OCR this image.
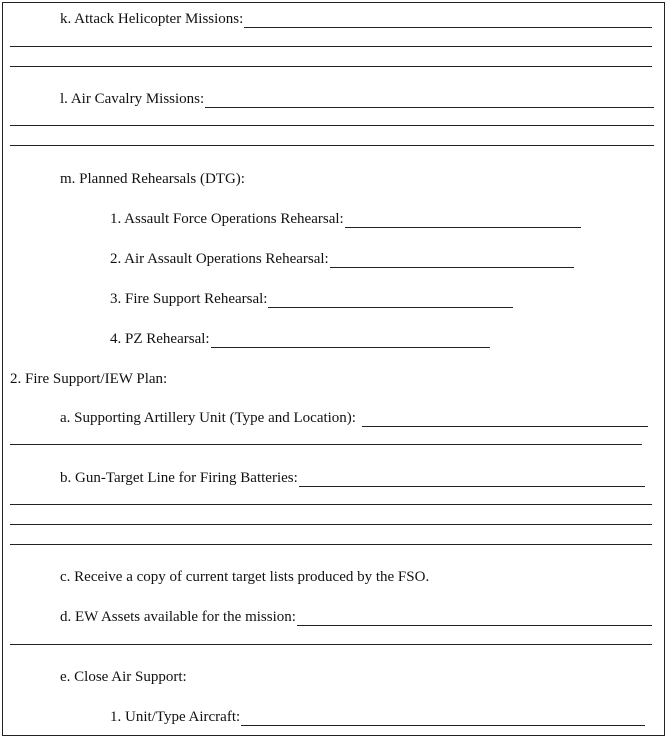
k. Attack Helicopter Missions:
l. Air Cavalry Missions:
m. Planned Rehearsals (DTG):
1. Assault Force Operations Rehearsal:
2. Air Assault Operations Rehearsal:
3. Fire Support Rehearsal:
4. PZ Rehearsal:
2. Fire Support/IEW Plan:
a. Supporting Artillery Unit (Type and Location):
b. Gun-Target Line for Firing Batteries:
c. Receive a copy of current target lists produced by the FSO.
d. EW Assets available for the mission:
e. Close Air Support:
1. Unit/Type Aircraft:
